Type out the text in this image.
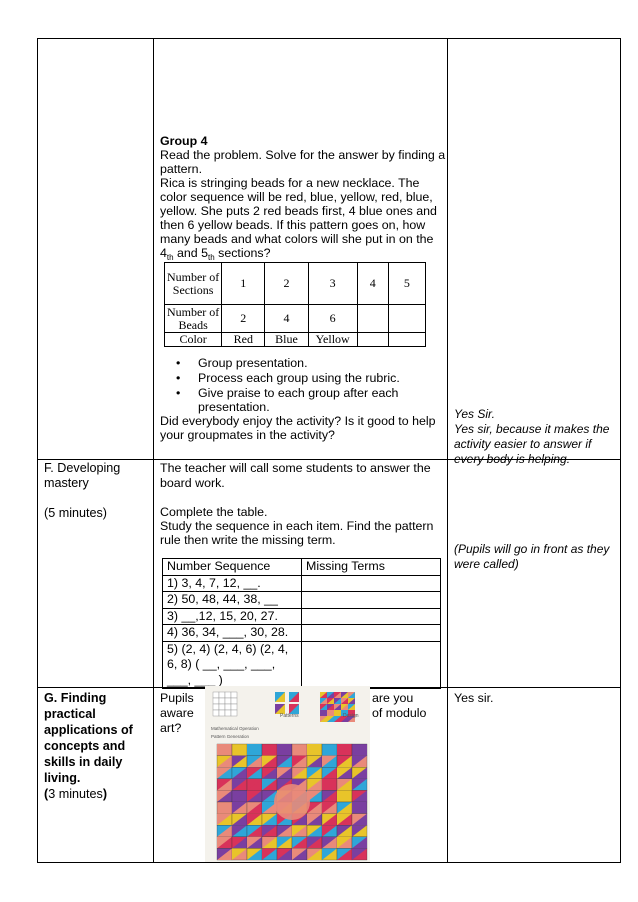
Group 4
Read the problem. Solve for the answer by finding a
pattern.
Rica is stringing beads for a new necklace. The
color sequence will be red, blue, yellow, red, blue,
yellow. She puts 2 red beads first, 4 blue ones and
then 6 yellow beads. If this pattern goes on, how
many beads and what colors will she put in on the
$4_{th}$ and $5_{th}$ sections?
Number of Sections	1	2	3	4	5
Number of Beads	2	4	6		
Color	Red	Blue	Yellow		
• Group presentation.
• Process each group using the rubric.
• Give praise to each group after each
presentation.
Did everybody enjoy the activity? Is it good to help
your groupmates in the activity?
Yes Sir.
Yes sir, because it makes the
activity easier to answer if
every body is helping.
F. Developing
mastery
(5 minutes)
The teacher will call some students to answer the
board work.
Complete the table.
Study the sequence in each item. Find the pattern
rule then write the missing term.
Number Sequence	Missing Terms
1) 3, 4, 7, 12, __.	
2) 50, 48, 44, 38, __	
3) __,12, 15, 20, 27.	
4) 36, 34, ___, 30, 28.	

5) (2, 4) (2, 4, 6) (2, 4,
6, 8) ( __, ___, ___,
___, ___ )	

(Pupils will go in front as they
were called)
G. Finding
practical
applications of
concepts and
skills in daily
living.
(3 minutes)
Pupils
aware
art?
are you
of modulo
Yes sir.
Patterns	Design
Mathematical Operation
Pattern Generation
